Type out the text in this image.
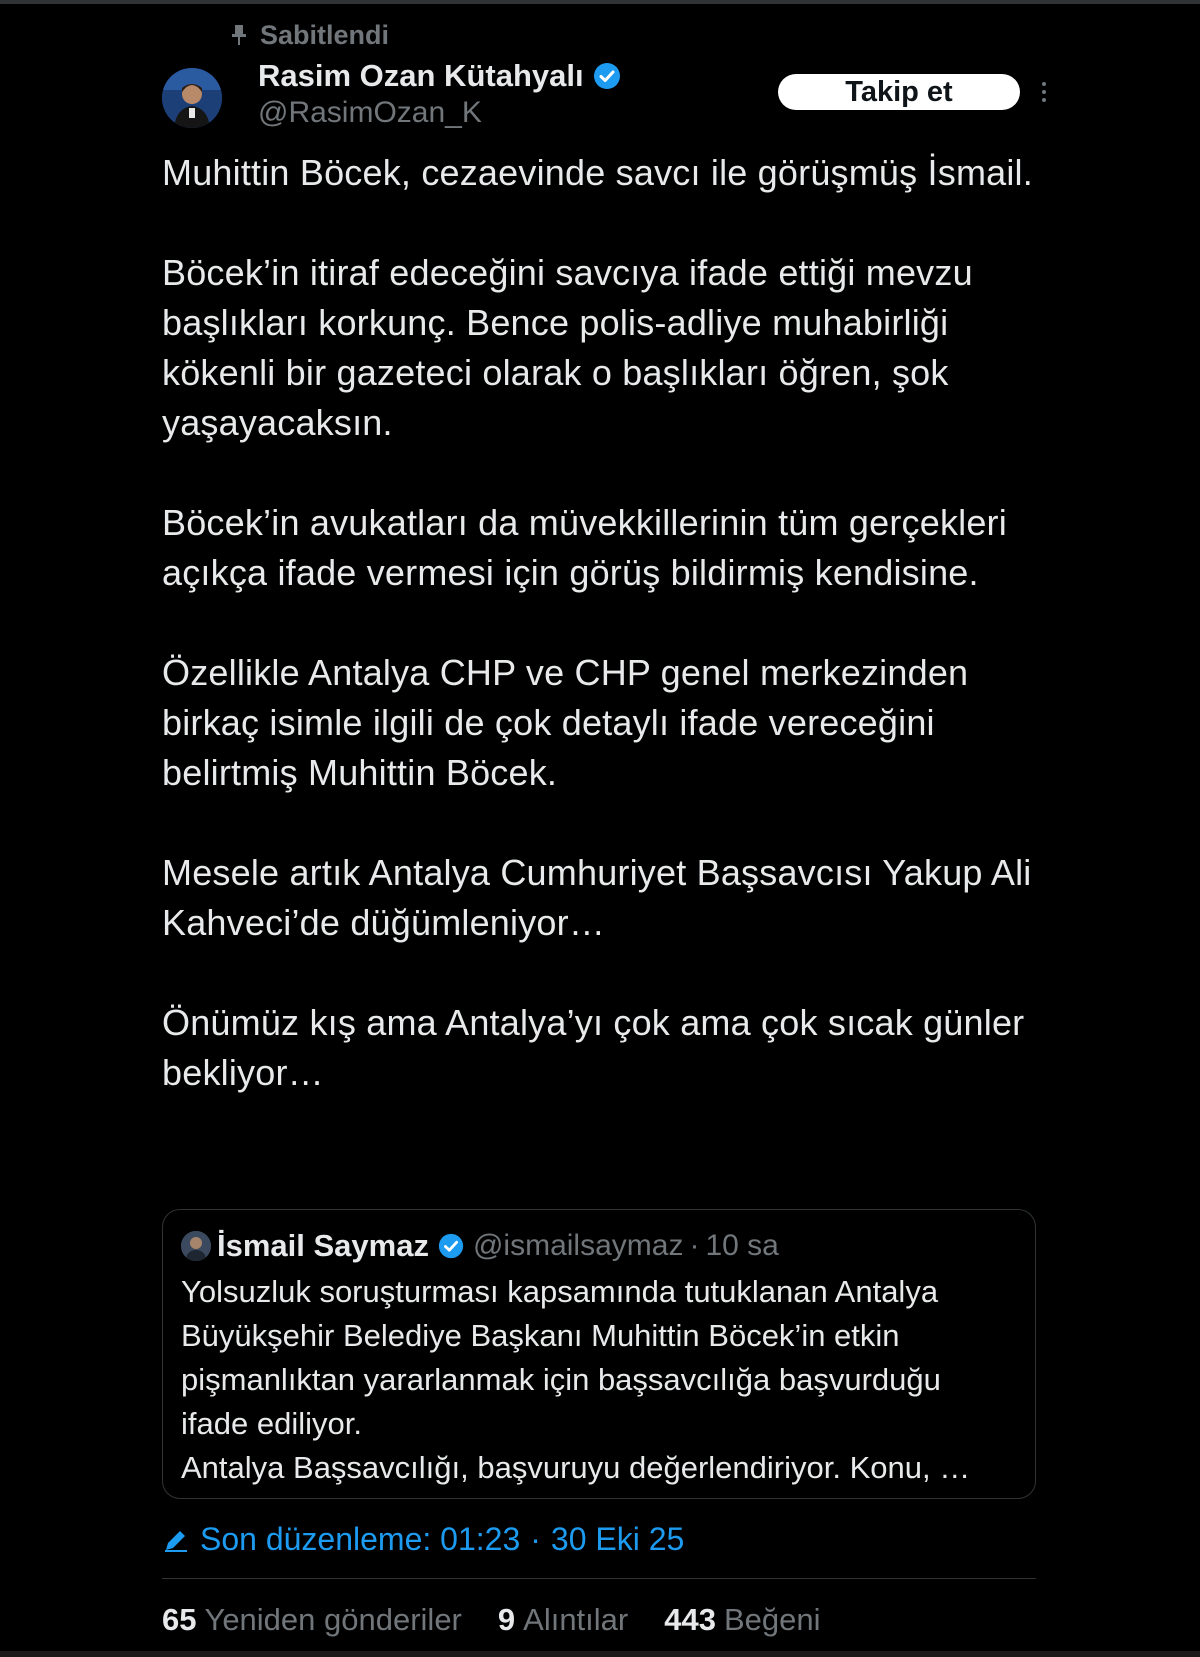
Sabitlendi
Rasim Ozan Kütahyalı
@RasimOzan_K
Takip et

Muhittin Böcek, cezaevinde savcı ile görüşmüş İsmail.

Böcek’in itiraf edeceğini savcıya ifade ettiği mevzu başlıkları korkunç. Bence polis-adliye muhabirliği kökenli bir gazeteci olarak o başlıkları öğren, şok yaşayacaksın.

Böcek’in avukatları da müvekkillerinin tüm gerçekleri açıkça ifade vermesi için görüş bildirmiş kendisine.

Özellikle Antalya CHP ve CHP genel merkezinden birkaç isimle ilgili de çok detaylı ifade vereceğini belirtmiş Muhittin Böcek.

Mesele artık Antalya Cumhuriyet Başsavcısı Yakup Ali Kahveci’de düğümleniyor…

Önümüz kış ama Antalya’yı çok ama çok sıcak günler bekliyor…

İsmail Saymaz @ismailsaymaz · 10 sa
Yolsuzluk soruşturması kapsamında tutuklanan Antalya
Büyükşehir Belediye Başkanı Muhittin Böcek’in etkin
pişmanlıktan yararlanmak için başsavcılığa başvurduğu
ifade ediliyor.
Antalya Başsavcılığı, başvuruyu değerlendiriyor. Konu, …
Son düzenleme: 01:23 · 30 Eki 25
65 Yeniden gönderiler 9 Alıntılar 443 Beğeni
